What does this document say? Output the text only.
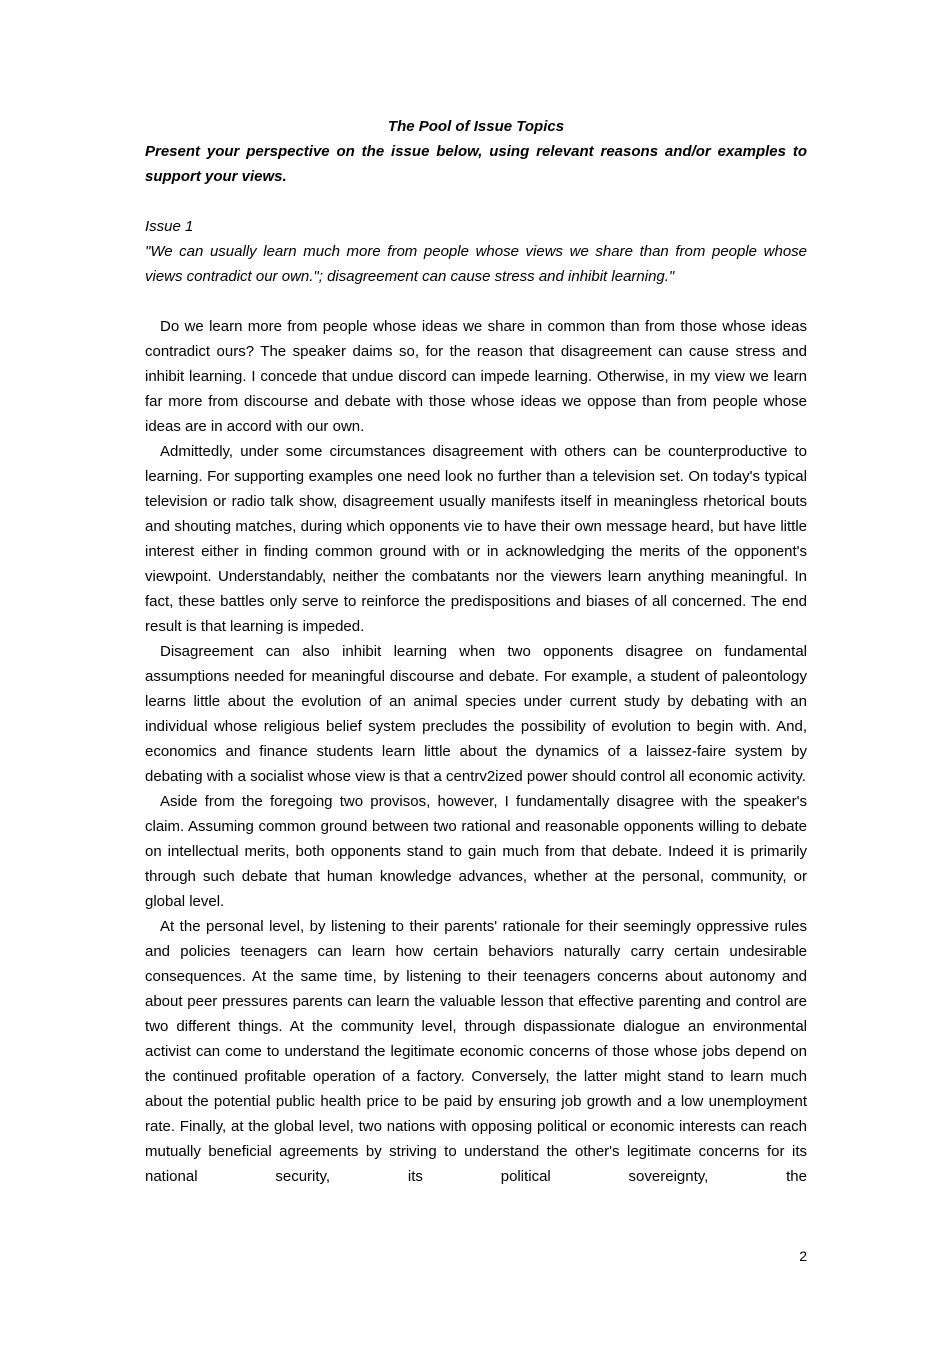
The Pool of Issue Topics

Present your perspective on the issue below, using relevant reasons and/or examples to support your views.

Issue 1

"We can usually learn much more from people whose views we share than from people whose views contradict our own."; disagreement can cause stress and inhibit learning."

Do we learn more from people whose ideas we share in common than from those whose ideas contradict ours? The speaker daims so, for the reason that disagreement can cause stress and inhibit learning. I concede that undue discord can impede learning. Otherwise, in my view we learn far more from discourse and debate with those whose ideas we oppose than from people whose ideas are in accord with our own.

Admittedly, under some circumstances disagreement with others can be counterproductive to learning. For supporting examples one need look no further than a television set. On today's typical television or radio talk show, disagreement usually manifests itself in meaningless rhetorical bouts and shouting matches, during which opponents vie to have their own message heard, but have little interest either in finding common ground with or in acknowledging the merits of the opponent's viewpoint. Understandably, neither the combatants nor the viewers learn anything meaningful. In fact, these battles only serve to reinforce the predispositions and biases of all concerned. The end result is that learning is impeded.

Disagreement can also inhibit learning when two opponents disagree on fundamental assumptions needed for meaningful discourse and debate. For example, a student of paleontology learns little about the evolution of an animal species under current study by debating with an individual whose religious belief system precludes the possibility of evolution to begin with. And, economics and finance students learn little about the dynamics of a laissez-faire system by debating with a socialist whose view is that a centrv2ized power should control all economic activity.

Aside from the foregoing two provisos, however, I fundamentally disagree with the speaker's claim. Assuming common ground between two rational and reasonable opponents willing to debate on intellectual merits, both opponents stand to gain much from that debate. Indeed it is primarily through such debate that human knowledge advances, whether at the personal, community, or global level.

At the personal level, by listening to their parents' rationale for their seemingly oppressive rules and policies teenagers can learn how certain behaviors naturally carry certain undesirable consequences. At the same time, by listening to their teenagers concerns about autonomy and about peer pressures parents can learn the valuable lesson that effective parenting and control are two different things. At the community level, through dispassionate dialogue an environmental activist can come to understand the legitimate economic concerns of those whose jobs depend on the continued profitable operation of a factory. Conversely, the latter might stand to learn much about the potential public health price to be paid by ensuring job growth and a low unemployment rate. Finally, at the global level, two nations with opposing political or economic interests can reach mutually beneficial agreements by striving to understand the other's legitimate concerns for its national security, its political sovereignty, the

2
